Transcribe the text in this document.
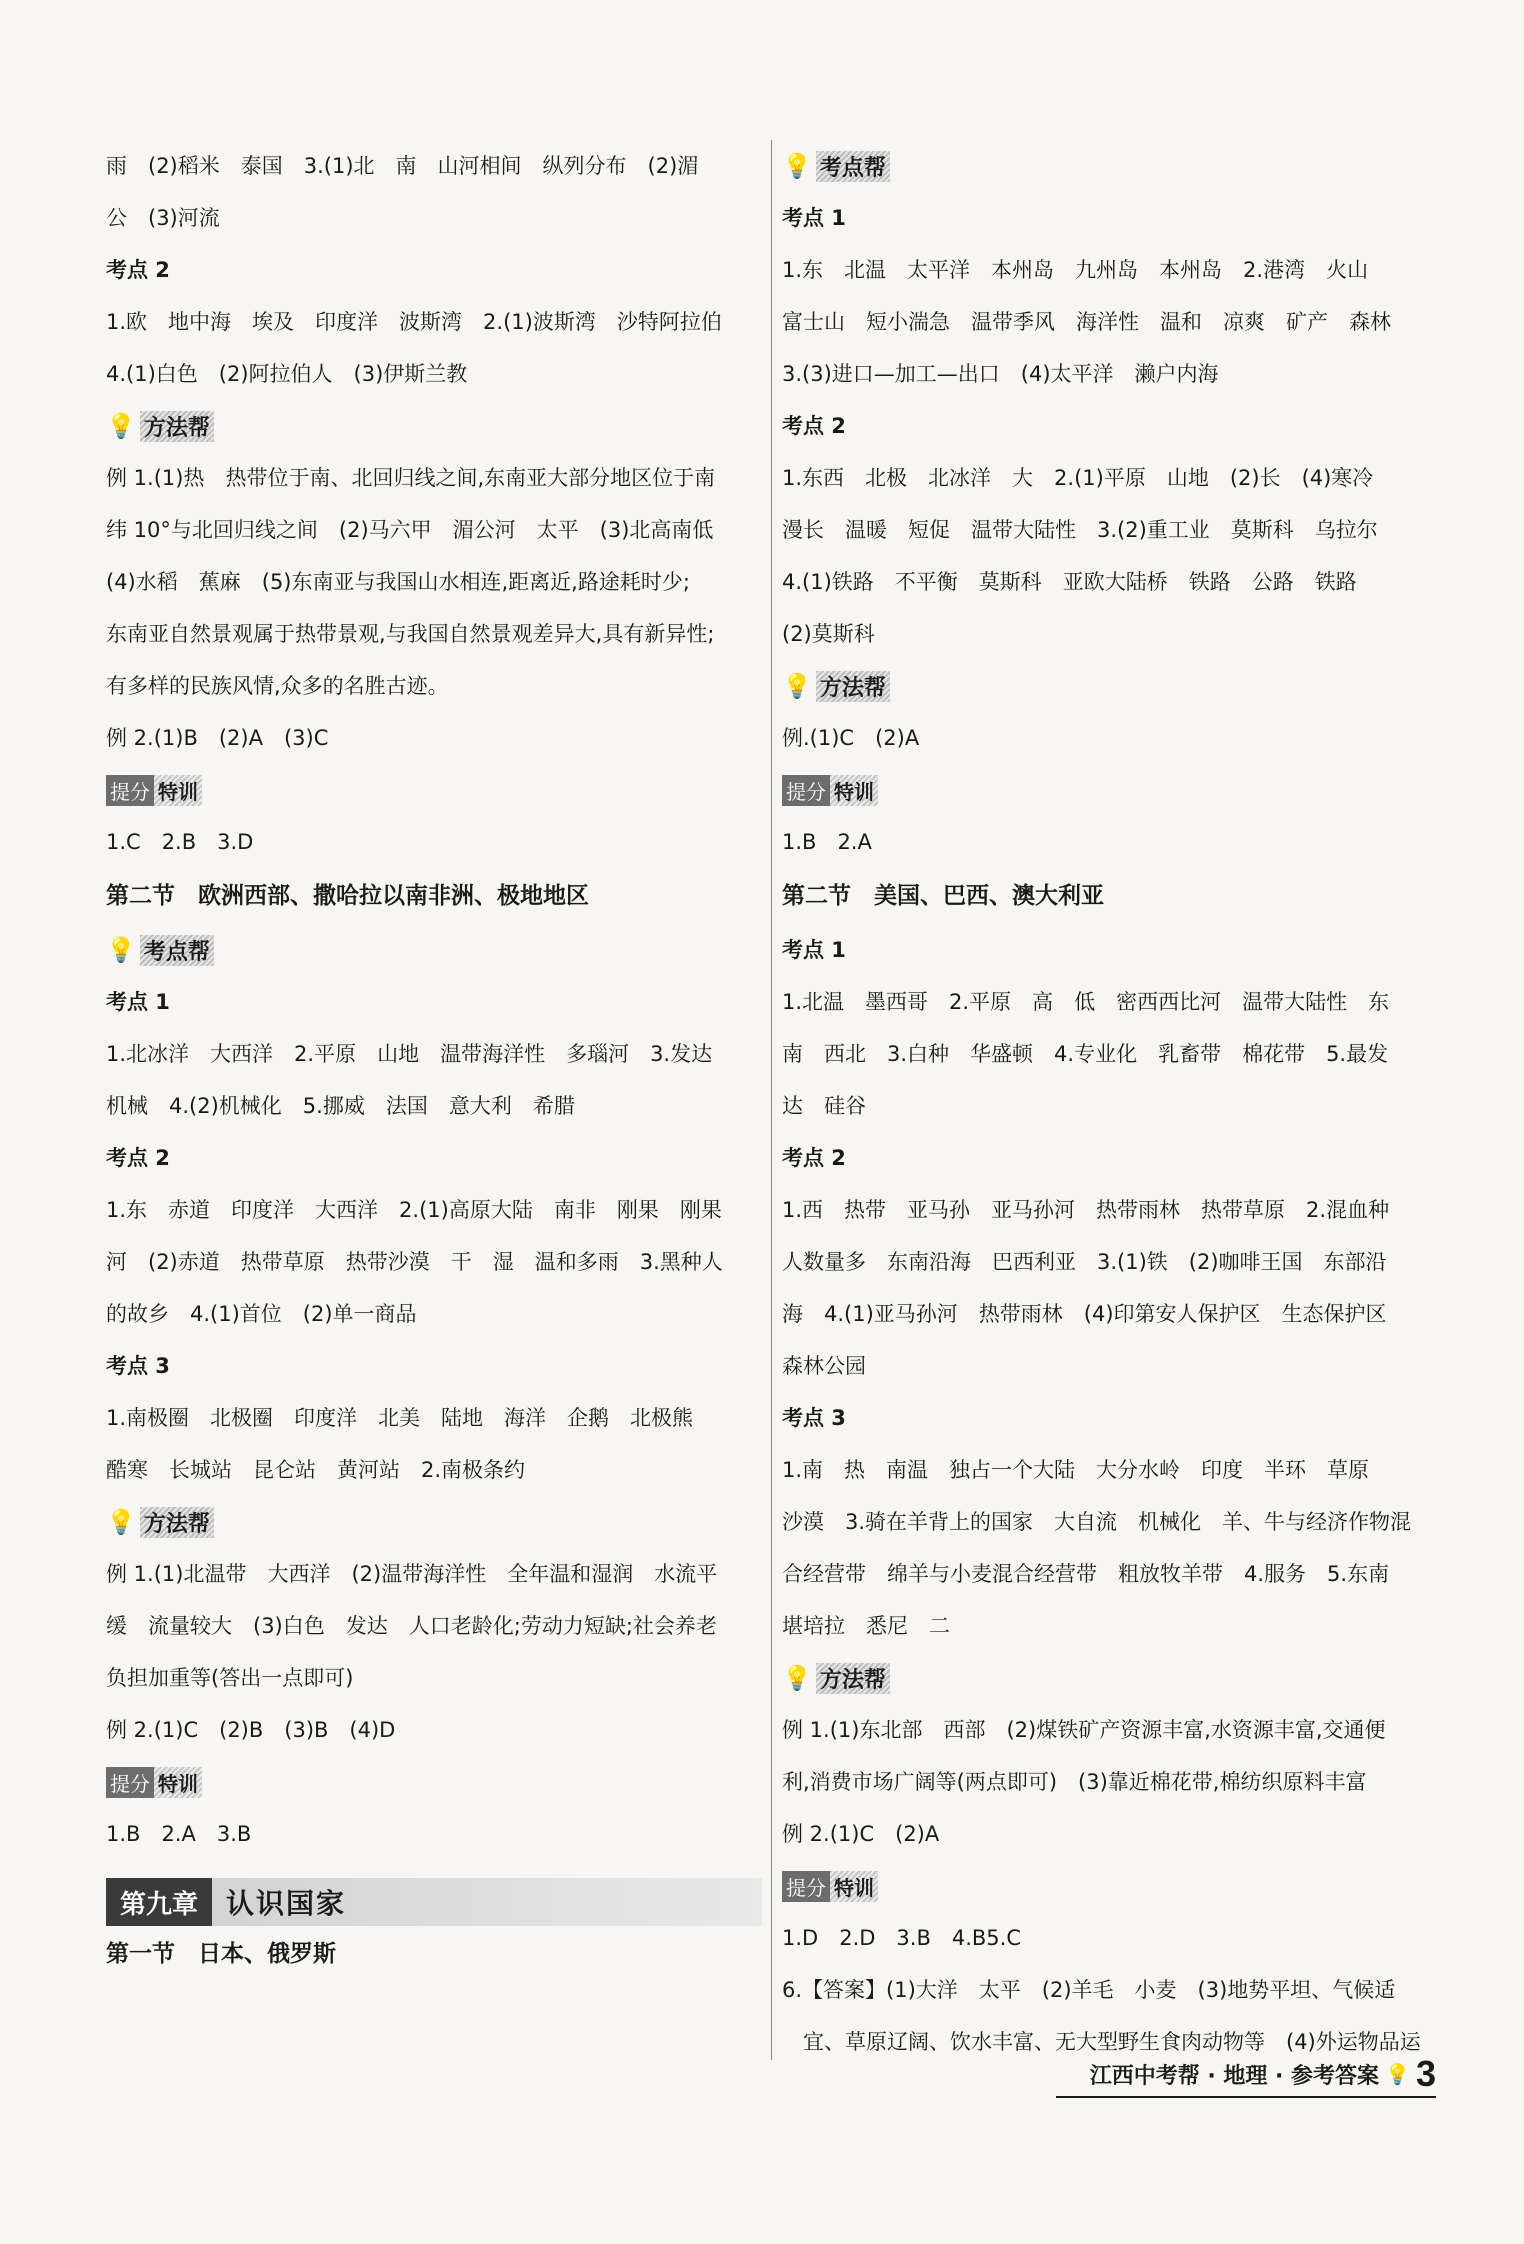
雨　(2)稻米　泰国　3.(1)北　南　山河相间　纵列分布　(2)湄
公　(3)河流
考点 2
1.欧　地中海　埃及　印度洋　波斯湾　2.(1)波斯湾　沙特阿拉伯
4.(1)白色　(2)阿拉伯人　(3)伊斯兰教
💡 方法帮
例 1.(1)热　热带位于南、北回归线之间,东南亚大部分地区位于南
纬 10°与北回归线之间　(2)马六甲　湄公河　太平　(3)北高南低
(4)水稻　蕉麻　(5)东南亚与我国山水相连,距离近,路途耗时少;
东南亚自然景观属于热带景观,与我国自然景观差异大,具有新异性;
有多样的民族风情,众多的名胜古迹。
例 2.(1)B　(2)A　(3)C
提分 特训
1.C　2.B　3.D
第二节　欧洲西部、撒哈拉以南非洲、极地地区
💡 考点帮
考点 1
1.北冰洋　大西洋　2.平原　山地　温带海洋性　多瑙河　3.发达
机械　4.(2)机械化　5.挪威　法国　意大利　希腊
考点 2
1.东　赤道　印度洋　大西洋　2.(1)高原大陆　南非　刚果　刚果
河　(2)赤道　热带草原　热带沙漠　干　湿　温和多雨　3.黑种人
的故乡　4.(1)首位　(2)单一商品
考点 3
1.南极圈　北极圈　印度洋　北美　陆地　海洋　企鹅　北极熊
酷寒　长城站　昆仑站　黄河站　2.南极条约
💡 方法帮
例 1.(1)北温带　大西洋　(2)温带海洋性　全年温和湿润　水流平
缓　流量较大　(3)白色　发达　人口老龄化;劳动力短缺;社会养老
负担加重等(答出一点即可)
例 2.(1)C　(2)B　(3)B　(4)D
提分 特训
1.B　2.A　3.B
第九章	认识国家
第一节　日本、俄罗斯
💡 考点帮
考点 1
1.东　北温　太平洋　本州岛　九州岛　本州岛　2.港湾　火山
富士山　短小湍急　温带季风　海洋性　温和　凉爽　矿产　森林
3.(3)进口—加工—出口　(4)太平洋　濑户内海
考点 2
1.东西　北极　北冰洋　大　2.(1)平原　山地　(2)长　(4)寒冷
漫长　温暖　短促　温带大陆性　3.(2)重工业　莫斯科　乌拉尔
4.(1)铁路　不平衡　莫斯科　亚欧大陆桥　铁路　公路　铁路
(2)莫斯科
💡 方法帮
例.(1)C　(2)A
提分 特训
1.B　2.A
第二节　美国、巴西、澳大利亚
考点 1
1.北温　墨西哥　2.平原　高　低　密西西比河　温带大陆性　东
南　西北　3.白种　华盛顿　4.专业化　乳畜带　棉花带　5.最发
达　硅谷
考点 2
1.西　热带　亚马孙　亚马孙河　热带雨林　热带草原　2.混血种
人数量多　东南沿海　巴西利亚　3.(1)铁　(2)咖啡王国　东部沿
海　4.(1)亚马孙河　热带雨林　(4)印第安人保护区　生态保护区
森林公园
考点 3
1.南　热　南温　独占一个大陆　大分水岭　印度　半环　草原
沙漠　3.骑在羊背上的国家　大自流　机械化　羊、牛与经济作物混
合经营带　绵羊与小麦混合经营带　粗放牧羊带　4.服务　5.东南
堪培拉　悉尼　二
💡 方法帮
例 1.(1)东北部　西部　(2)煤铁矿产资源丰富,水资源丰富,交通便
利,消费市场广阔等(两点即可)　(3)靠近棉花带,棉纺织原料丰富
例 2.(1)C　(2)A
提分 特训
1.D　2.D　3.B　4.B5.C
6.【答案】(1)大洋　太平　(2)羊毛　小麦　(3)地势平坦、气候适
　宜、草原辽阔、饮水丰富、无大型野生食肉动物等　(4)外运物品运
江西中考帮 · 地理 · 参考答案 💡 3
